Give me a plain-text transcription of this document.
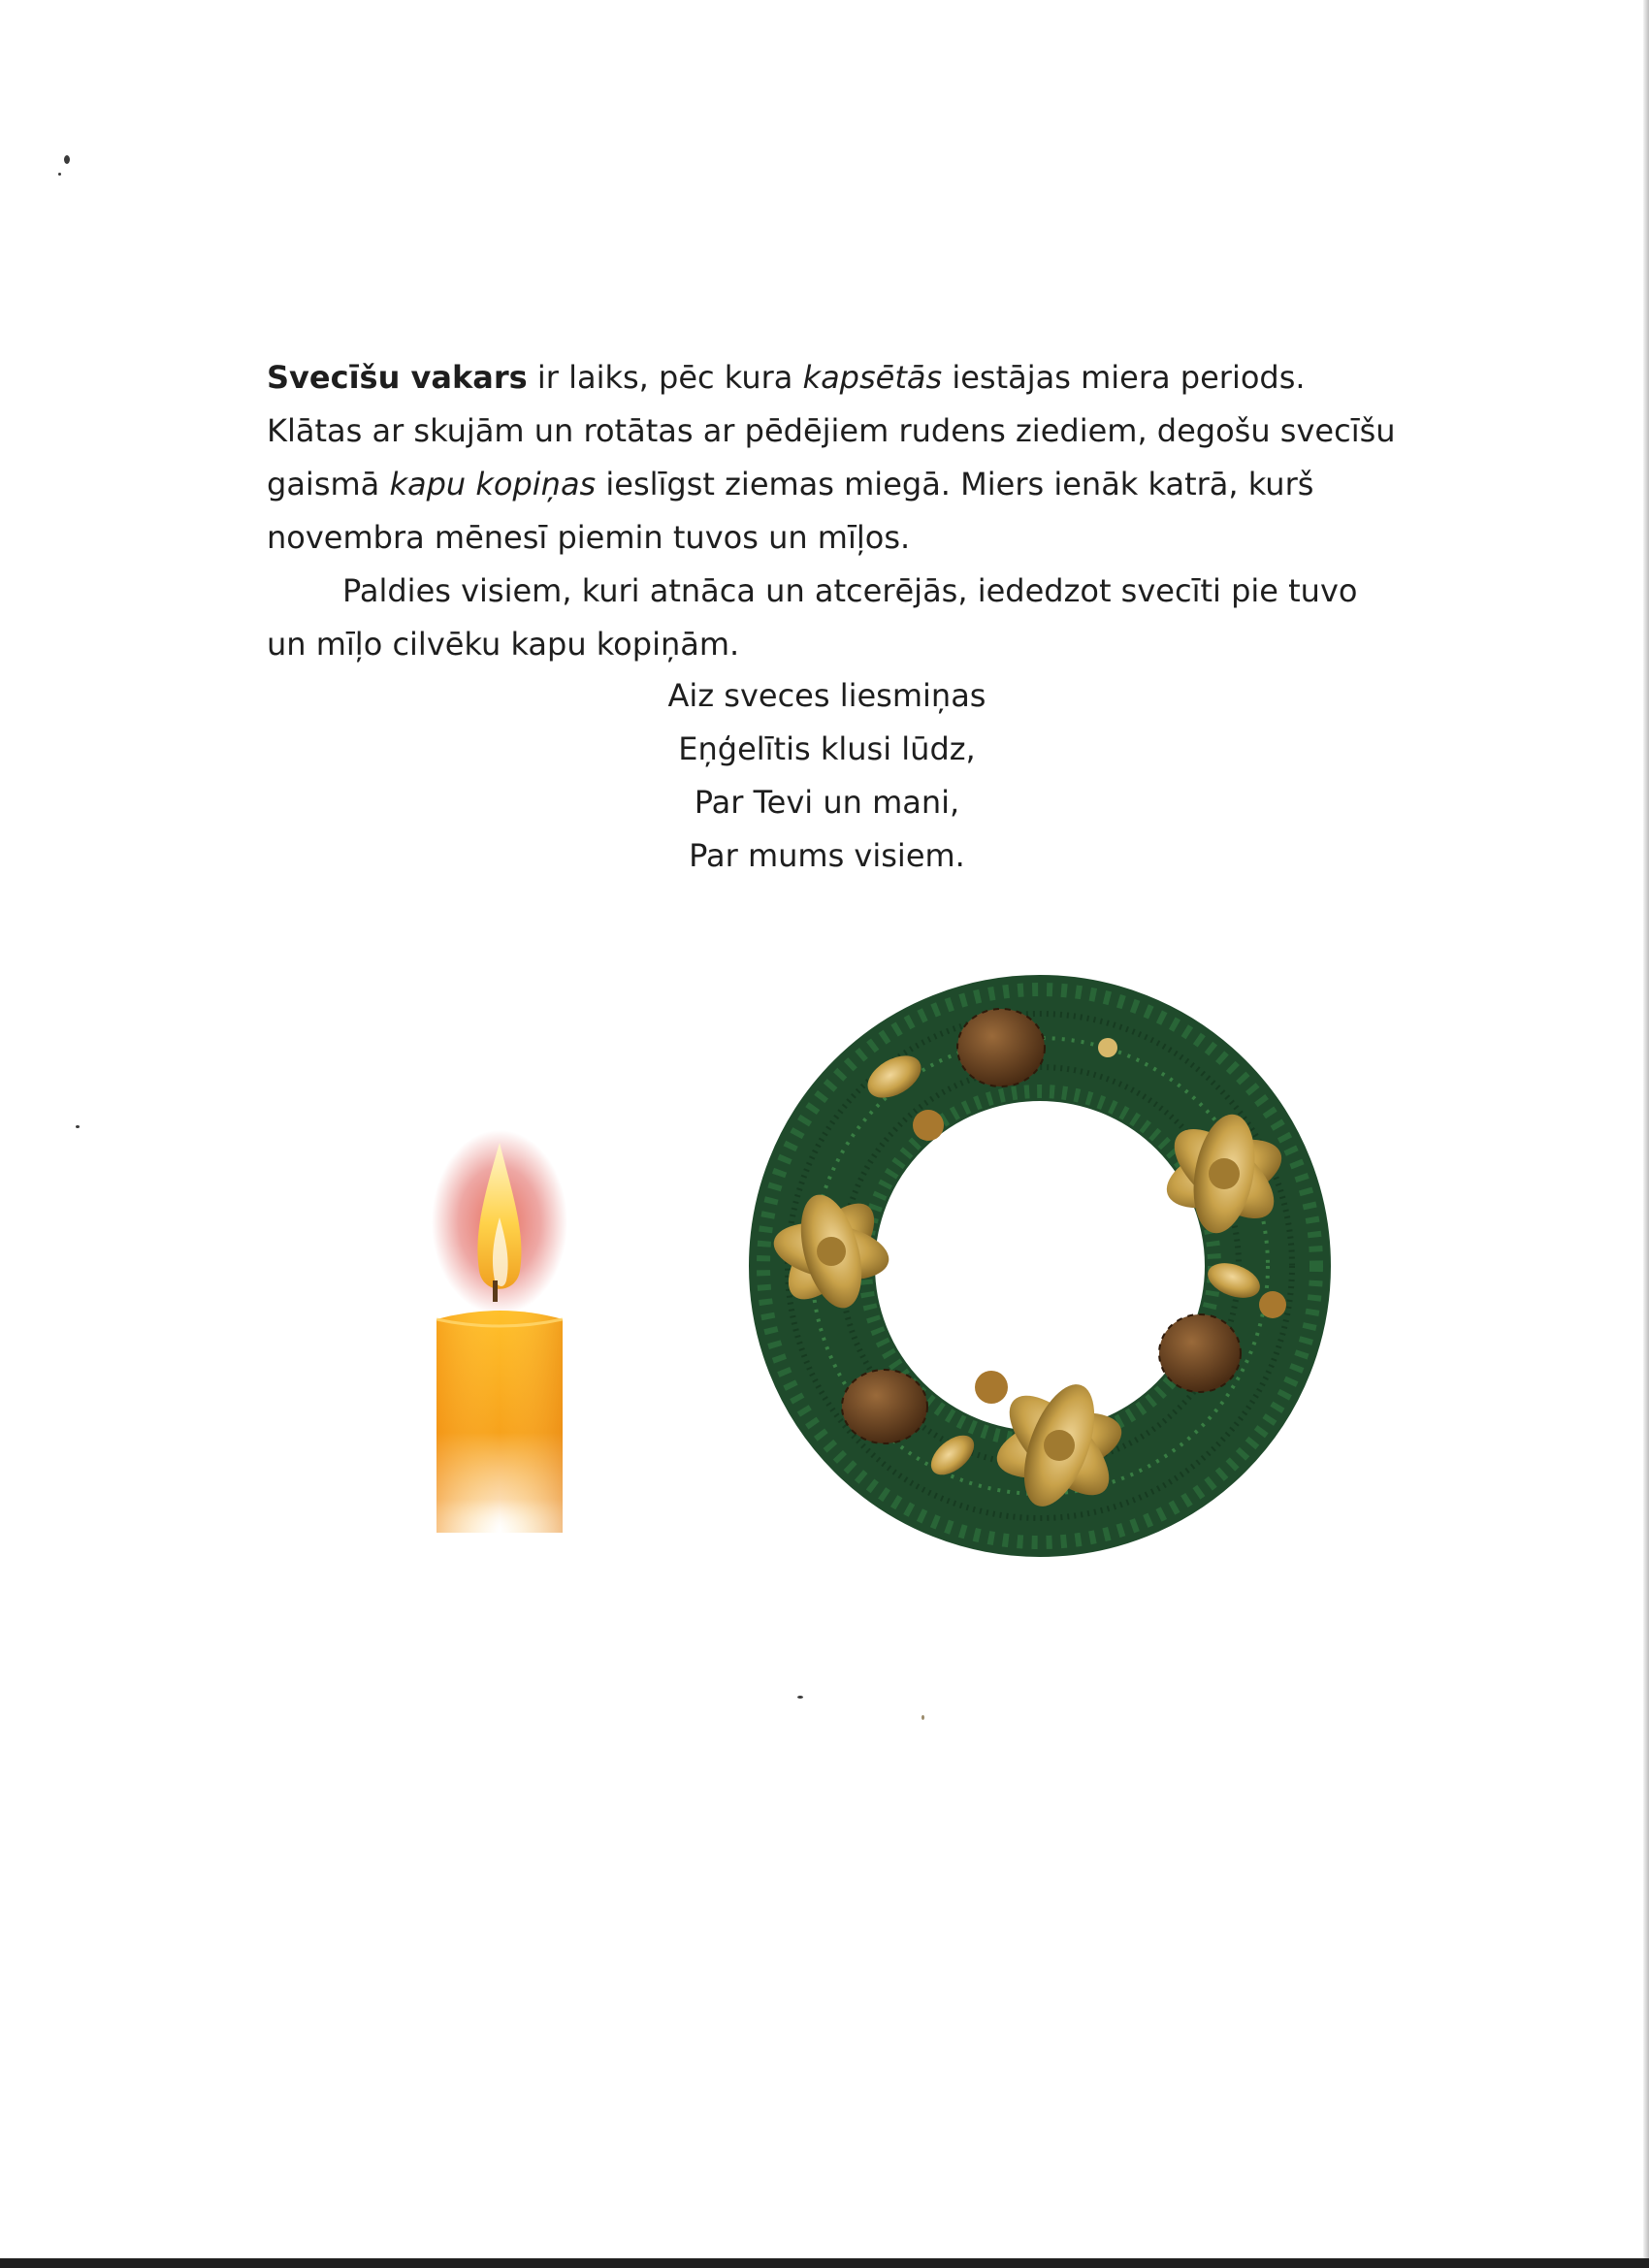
Svecīšu vakars ir laiks, pēc kura kapsētās iestājas miera periods. Klātas ar skujām un rotātas ar pēdējiem rudens ziediem, degošu svecīšu gaismā kapu kopiņas ieslīgst ziemas miegā. Miers ienāk katrā, kurš novembra mēnesī piemin tuvos un mīļos.

Paldies visiem, kuri atnāca un atcerējās, iededzot svecīti pie tuvo un mīļo cilvēku kapu kopiņām.

Aiz sveces liesmiņas
Eņģelītis klusi lūdz,
Par Tevi un mani,
Par mums visiem.
